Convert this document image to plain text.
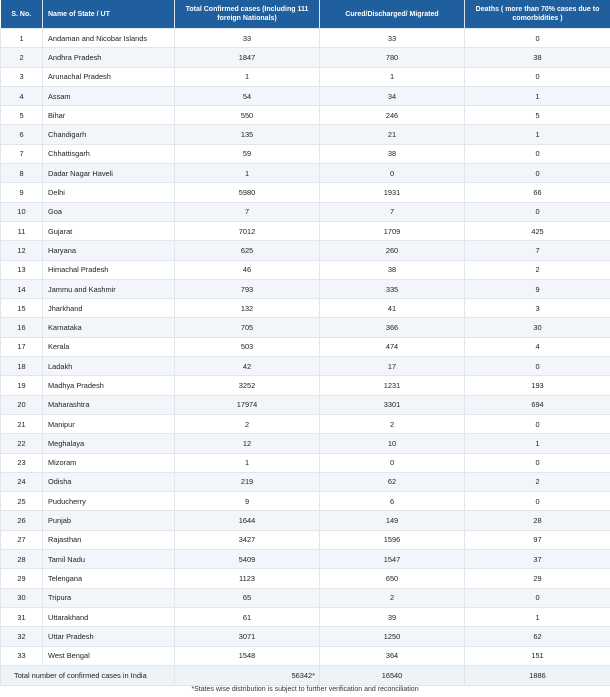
S. No.	Name of State / UT	Total Confirmed cases (Including 111 foreign Nationals)	Cured/Discharged/ Migrated	Deaths ( more than 70% cases due to comorbidities )
1	Andaman and Nicobar Islands	33	33	0
2	Andhra Pradesh	1847	780	38
3	Arunachal Pradesh	1	1	0
4	Assam	54	34	1
5	Bihar	550	246	5
6	Chandigarh	135	21	1
7	Chhattisgarh	59	38	0
8	Dadar Nagar Haveli	1	0	0
9	Delhi	5980	1931	66
10	Goa	7	7	0
11	Gujarat	7012	1709	425
12	Haryana	625	260	7
13	Himachal Pradesh	46	38	2
14	Jammu and Kashmir	793	335	9
15	Jharkhand	132	41	3
16	Karnataka	705	366	30
17	Kerala	503	474	4
18	Ladakh	42	17	0
19	Madhya Pradesh	3252	1231	193
20	Maharashtra	17974	3301	694
21	Manipur	2	2	0
22	Meghalaya	12	10	1
23	Mizoram	1	0	0
24	Odisha	219	62	2
25	Puducherry	9	6	0
26	Punjab	1644	149	28
27	Rajasthan	3427	1596	97
28	Tamil Nadu	5409	1547	37
29	Telengana	1123	650	29
30	Tripura	65	2	0
31	Uttarakhand	61	39	1
32	Uttar Pradesh	3071	1250	62
33	West Bengal	1548	364	151
Total number of confirmed cases in India		56342*	16540	1886
*States wise distribution is subject to further verification and reconciliation
